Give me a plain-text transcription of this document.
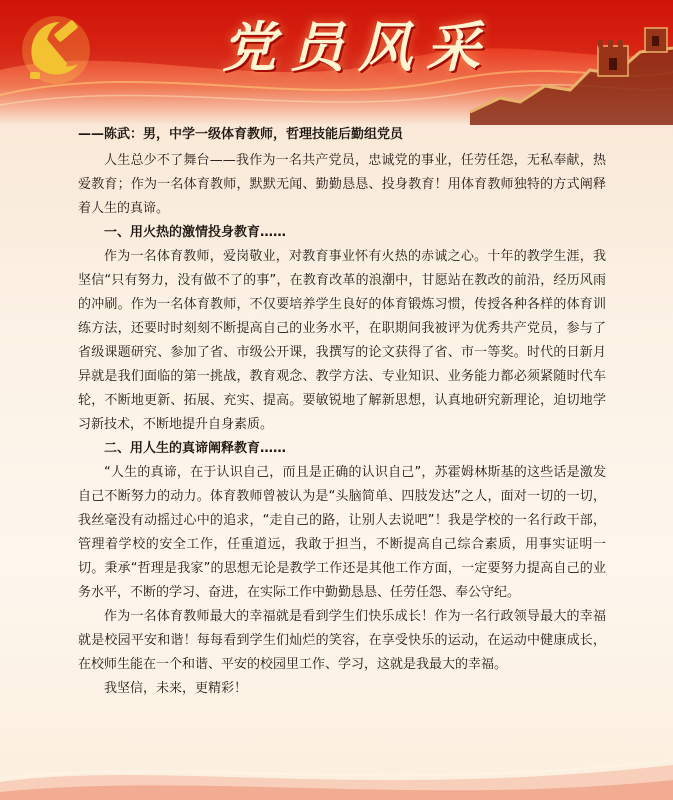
党员风采

——陈武：男，中学一级体育教师，哲理技能后勤组党员

人生总少不了舞台——我作为一名共产党员，忠诚党的事业，任劳任怨，无私奉献，热爱教育；作为一名体育教师，默默无闻、勤勤恳恳、投身教育！用体育教师独特的方式阐释着人生的真谛。

一、用火热的激情投身教育……

作为一名体育教师，爱岗敬业，对教育事业怀有火热的赤诚之心。十年的教学生涯，我坚信“只有努力，没有做不了的事”，在教育改革的浪潮中，甘愿站在教改的前沿，经历风雨的冲刷。作为一名体育教师，不仅要培养学生良好的体育锻炼习惯，传授各种各样的体育训练方法，还要时时刻刻不断提高自己的业务水平，在职期间我被评为优秀共产党员，参与了省级课题研究、参加了省、市级公开课，我撰写的论文获得了省、市一等奖。时代的日新月异就是我们面临的第一挑战，教育观念、教学方法、专业知识、业务能力都必须紧随时代车轮，不断地更新、拓展、充实、提高。要敏锐地了解新思想，认真地研究新理论，迫切地学习新技术，不断地提升自身素质。

二、用人生的真谛阐释教育……

“人生的真谛，在于认识自己，而且是正确的认识自己”，苏霍姆林斯基的这些话是激发自己不断努力的动力。体育教师曾被认为是“头脑简单、四肢发达”之人，面对一切的一切，我丝毫没有动摇过心中的追求，“走自己的路，让别人去说吧”！我是学校的一名行政干部，管理着学校的安全工作，任重道远，我敢于担当，不断提高自己综合素质，用事实证明一切。秉承“哲理是我家”的思想无论是教学工作还是其他工作方面，一定要努力提高自己的业务水平，不断的学习、奋进，在实际工作中勤勤恳恳、任劳任怨、奉公守纪。

作为一名体育教师最大的幸福就是看到学生们快乐成长！作为一名行政领导最大的幸福就是校园平安和谐！每每看到学生们灿烂的笑容，在享受快乐的运动，在运动中健康成长，在校师生能在一个和谐、平安的校园里工作、学习，这就是我最大的幸福。

我坚信，未来，更精彩！
